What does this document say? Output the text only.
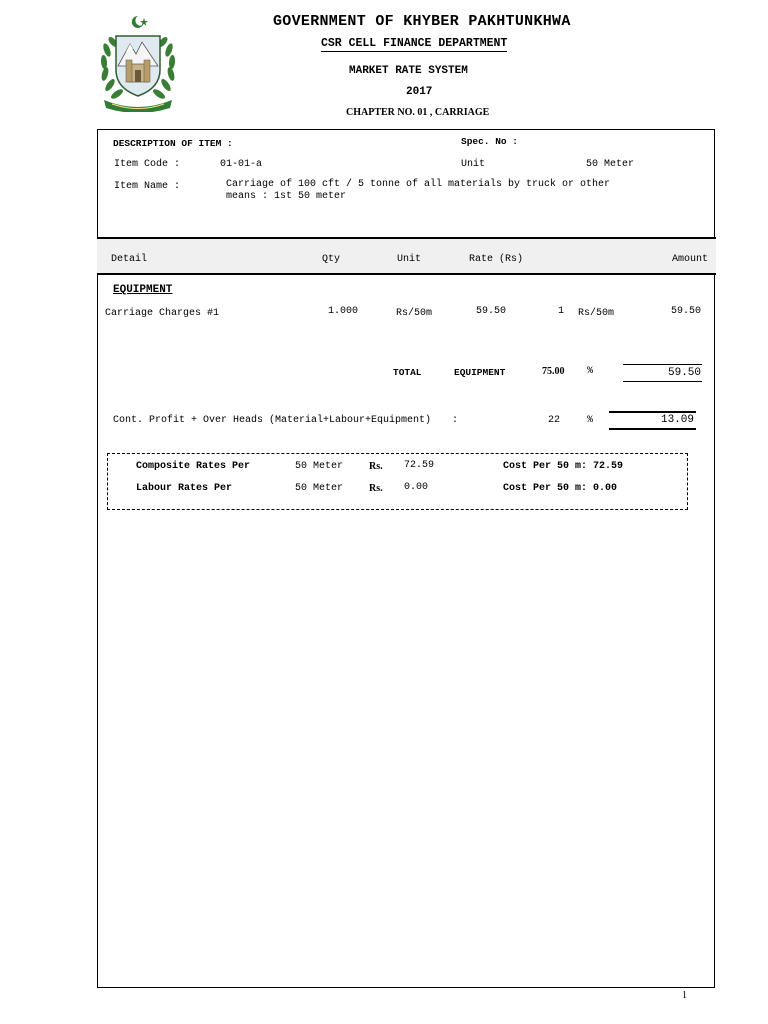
GOVERNMENT OF KHYBER PAKHTUNKHWA
CSR CELL FINANCE DEPARTMENT
MARKET RATE SYSTEM
2017
CHAPTER NO. 01 , CARRIAGE
DESCRIPTION OF ITEM :	Spec. No :
Item Code :	01-01-a	Unit	50 Meter
Item Name :	Carriage of 100 cft / 5 tonne of all materials by truck or other
means : 1st 50 meter
Detail	Qty	Unit	Rate (Rs)	Amount
EQUIPMENT
Carriage Charges #1	1.000	Rs/50m	59.50	1 Rs/50m	59.50
TOTAL	EQUIPMENT	75.00 %	59.50
Cont. Profit + Over Heads (Material+Labour+Equipment) :	22	%	13.09
Composite Rates Per	50 Meter	Rs. 72.59	Cost Per 50 m: 72.59
Labour Rates Per	50 Meter	Rs. 0.00	Cost Per 50 m: 0.00
1
